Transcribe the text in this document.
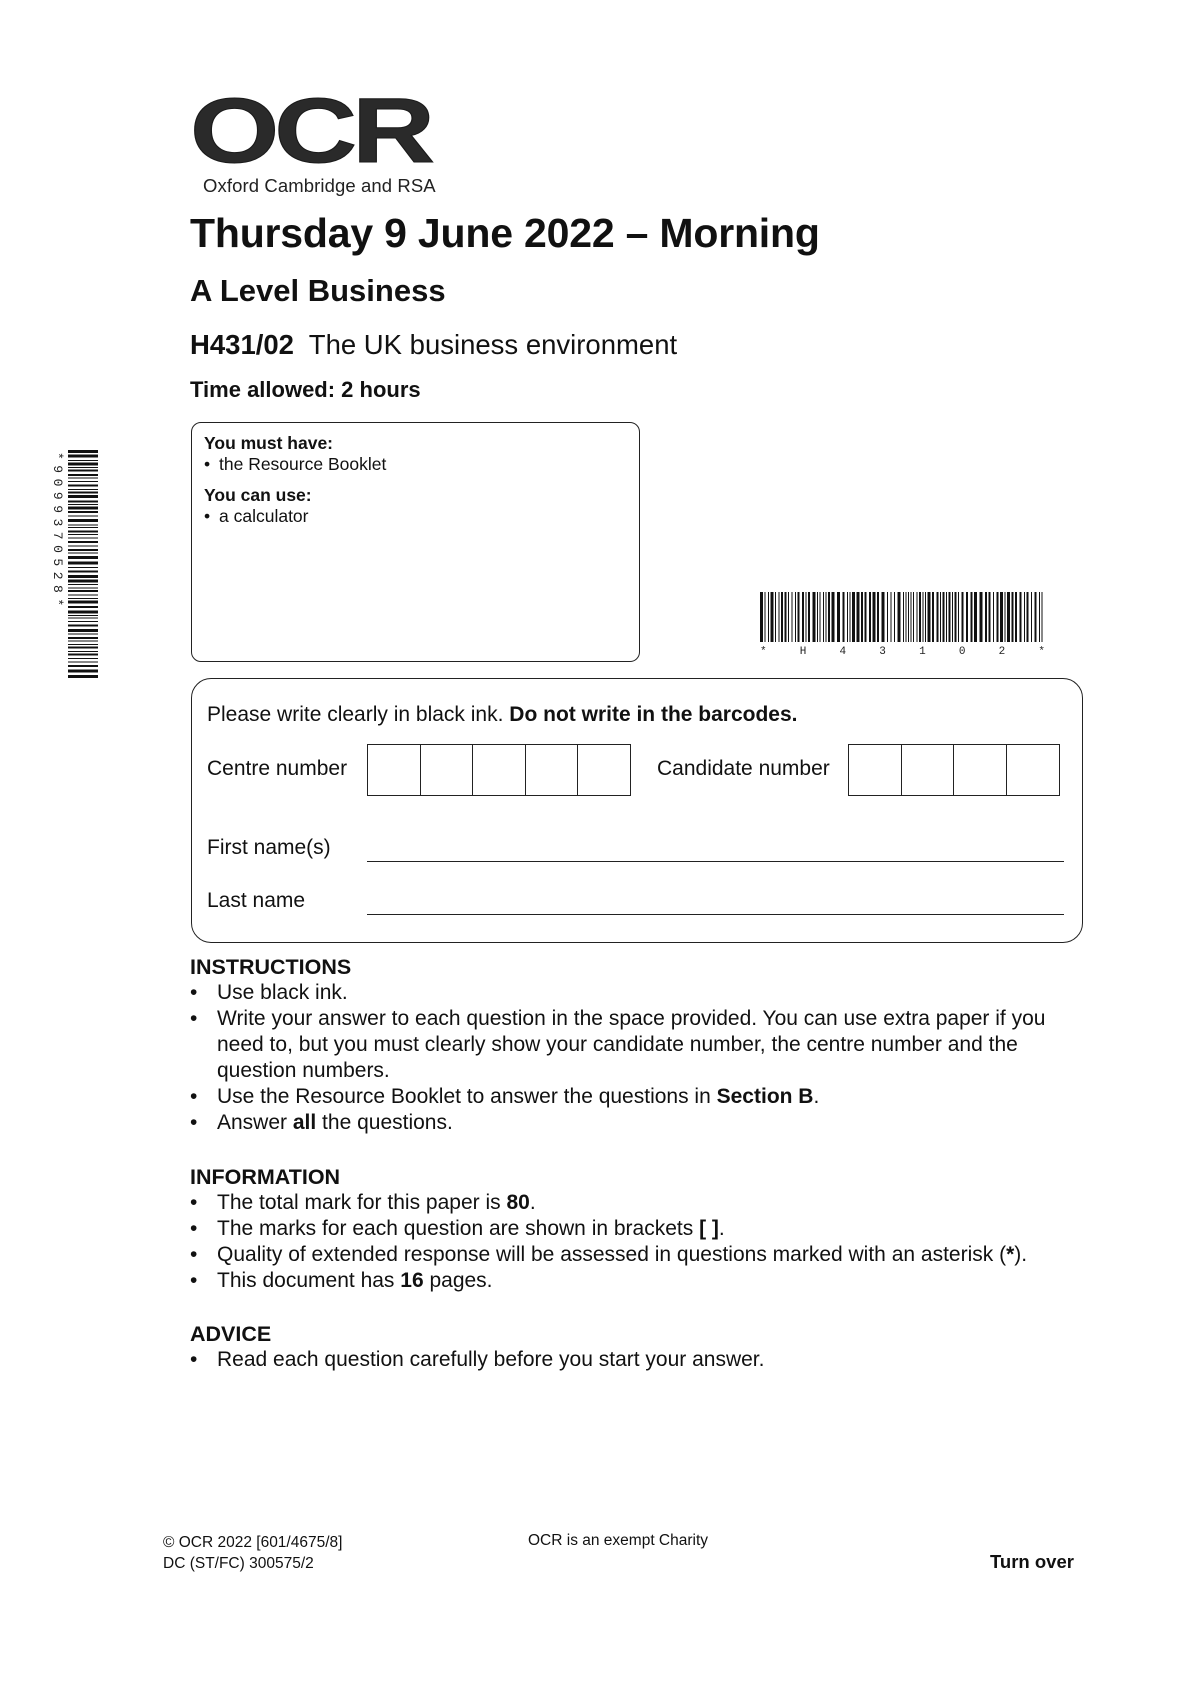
OCR
Oxford Cambridge and RSA
Thursday 9 June 2022 – Morning
A Level Business
H431/02 The UK business environment
Time allowed: 2 hours
You must have:
• the Resource Booklet
You can use:
• a calculator
*9099370528*
* H 4 3 1 0 2 *
Please write clearly in black ink. Do not write in the barcodes.
Centre number	Candidate number
First name(s)
Last name
INSTRUCTIONS
• Use black ink.
• Write your answer to each question in the space provided. You can use extra paper if you need to, but you must clearly show your candidate number, the centre number and the question numbers.
• Use the Resource Booklet to answer the questions in Section B.
• Answer all the questions.
INFORMATION
• The total mark for this paper is 80.
• The marks for each question are shown in brackets [ ].
• Quality of extended response will be assessed in questions marked with an asterisk (*).
• This document has 16 pages.
ADVICE
• Read each question carefully before you start your answer.
© OCR 2022 [601/4675/8]
DC (ST/FC) 300575/2
OCR is an exempt Charity
Turn over
